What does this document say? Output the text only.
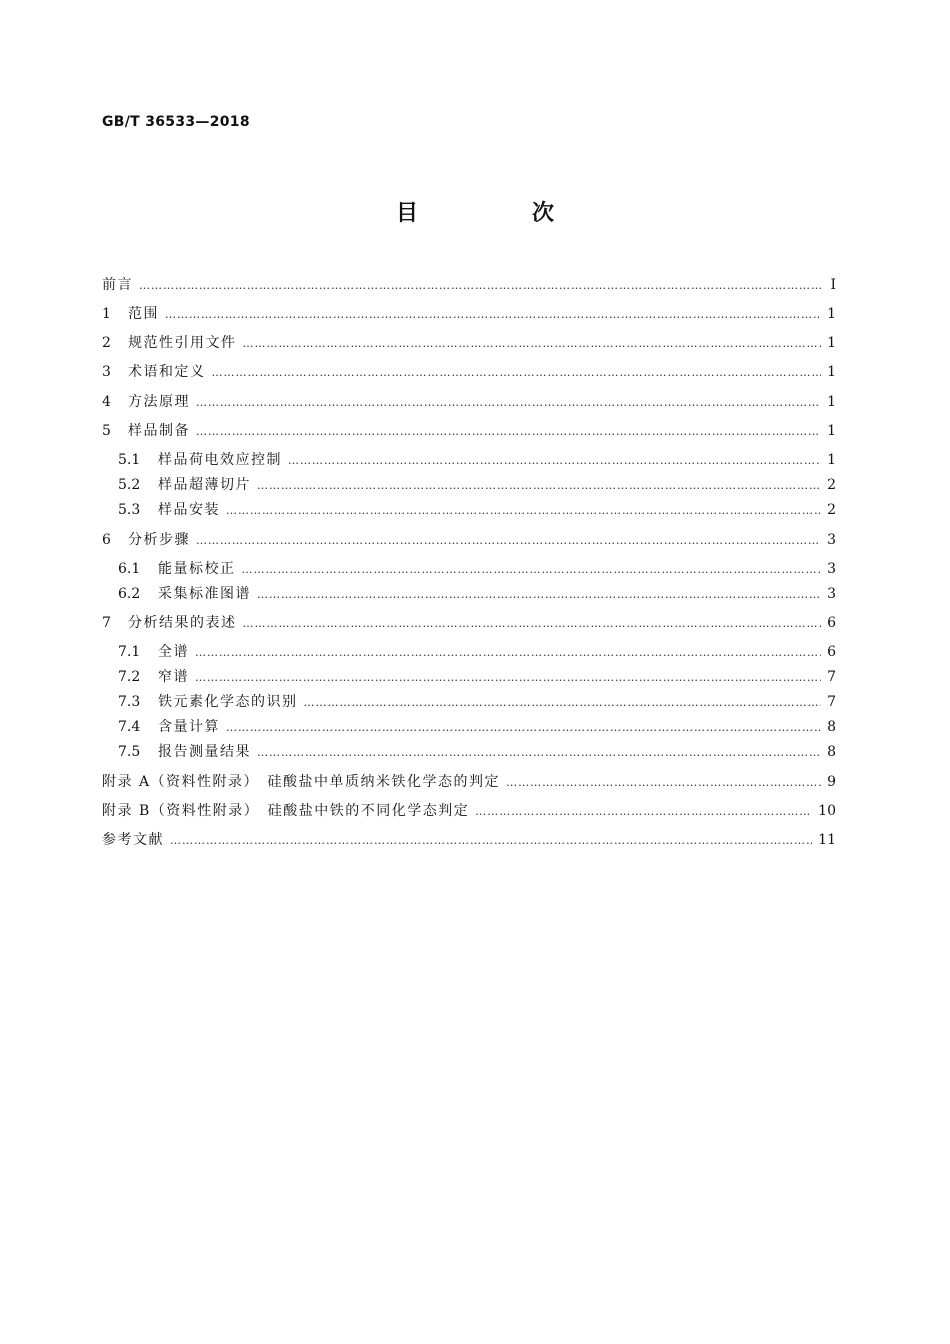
GB/T 36533—2018
目　次
前言 …………………………………………………………………………………………………………………………………………………………………………	Ⅰ
1	范围 …………………………………………………………………………………………………………………………………………………………………………	1
2	规范性引用文件 …………………………………………………………………………………………………………………………………………………………………………	1
3	术语和定义 …………………………………………………………………………………………………………………………………………………………………………	1
4	方法原理 …………………………………………………………………………………………………………………………………………………………………………	1
5	样品制备 …………………………………………………………………………………………………………………………………………………………………………	1
5.1	样品荷电效应控制 …………………………………………………………………………………………………………………………………………………………………………	1
5.2	样品超薄切片 …………………………………………………………………………………………………………………………………………………………………………	2
5.3	样品安装 …………………………………………………………………………………………………………………………………………………………………………	2
6	分析步骤 …………………………………………………………………………………………………………………………………………………………………………	3
6.1	能量标校正 …………………………………………………………………………………………………………………………………………………………………………	3
6.2	采集标准图谱 …………………………………………………………………………………………………………………………………………………………………………	3
7	分析结果的表述 …………………………………………………………………………………………………………………………………………………………………………	6
7.1	全谱 …………………………………………………………………………………………………………………………………………………………………………	6
7.2	窄谱 …………………………………………………………………………………………………………………………………………………………………………	7
7.3	铁元素化学态的识别 …………………………………………………………………………………………………………………………………………………………………………	7
7.4	含量计算 …………………………………………………………………………………………………………………………………………………………………………	8
7.5	报告测量结果 …………………………………………………………………………………………………………………………………………………………………………	8
附录 A（资料性附录）　硅酸盐中单质纳米铁化学态的判定 …………………………………………………………………………………………………………………………………………………………………………	9
附录 B（资料性附录）　硅酸盐中铁的不同化学态判定 …………………………………………………………………………………………………………………………………………………………………………	10
参考文献 …………………………………………………………………………………………………………………………………………………………………………	11
